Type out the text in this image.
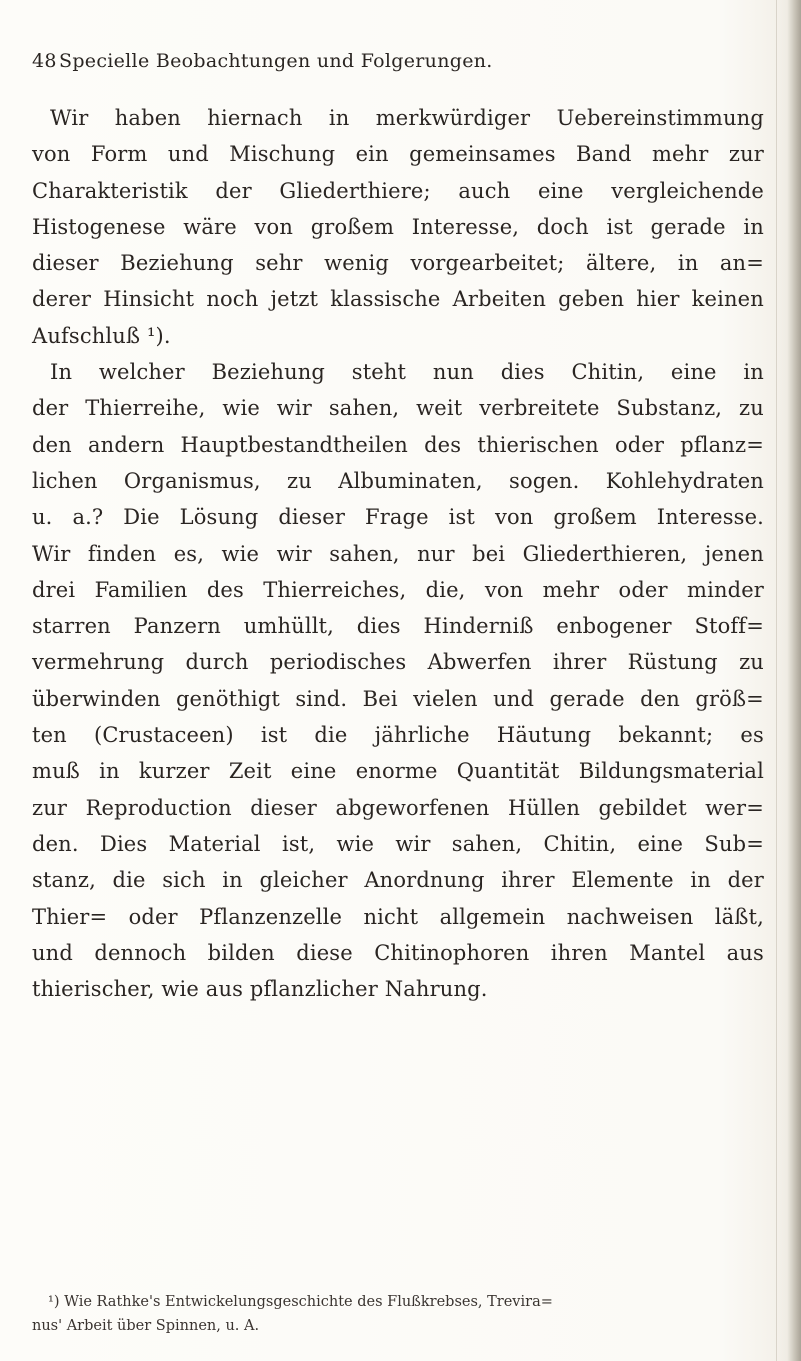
48 Specielle Beobachtungen und Folgerungen.
Wir haben hiernach in merkwürdiger Uebereinstimmung
von Form und Mischung ein gemeinsames Band mehr zur
Charakteristik der Gliederthiere; auch eine vergleichende
Histogenese wäre von großem Interesse, doch ist gerade in
dieser Beziehung sehr wenig vorgearbeitet; ältere, in an=
derer Hinsicht noch jetzt klassische Arbeiten geben hier keinen
Aufschluß ¹).
In welcher Beziehung steht nun dies Chitin, eine in
der Thierreihe, wie wir sahen, weit verbreitete Substanz, zu
den andern Hauptbestandtheilen des thierischen oder pflanz=
lichen Organismus, zu Albuminaten, sogen. Kohlehydraten
u. a.? Die Lösung dieser Frage ist von großem Interesse.
Wir finden es, wie wir sahen, nur bei Gliederthieren, jenen
drei Familien des Thierreiches, die, von mehr oder minder
starren Panzern umhüllt, dies Hinderniß enbogener Stoff=
vermehrung durch periodisches Abwerfen ihrer Rüstung zu
überwinden genöthigt sind. Bei vielen und gerade den größ=
ten (Crustaceen) ist die jährliche Häutung bekannt; es
muß in kurzer Zeit eine enorme Quantität Bildungsmaterial
zur Reproduction dieser abgeworfenen Hüllen gebildet wer=
den. Dies Material ist, wie wir sahen, Chitin, eine Sub=
stanz, die sich in gleicher Anordnung ihrer Elemente in der
Thier= oder Pflanzenzelle nicht allgemein nachweisen läßt,
und dennoch bilden diese Chitinophoren ihren Mantel aus
thierischer, wie aus pflanzlicher Nahrung.
¹) Wie Rathke's Entwickelungsgeschichte des Flußkrebses, Trevira=
nus' Arbeit über Spinnen, u. A.
